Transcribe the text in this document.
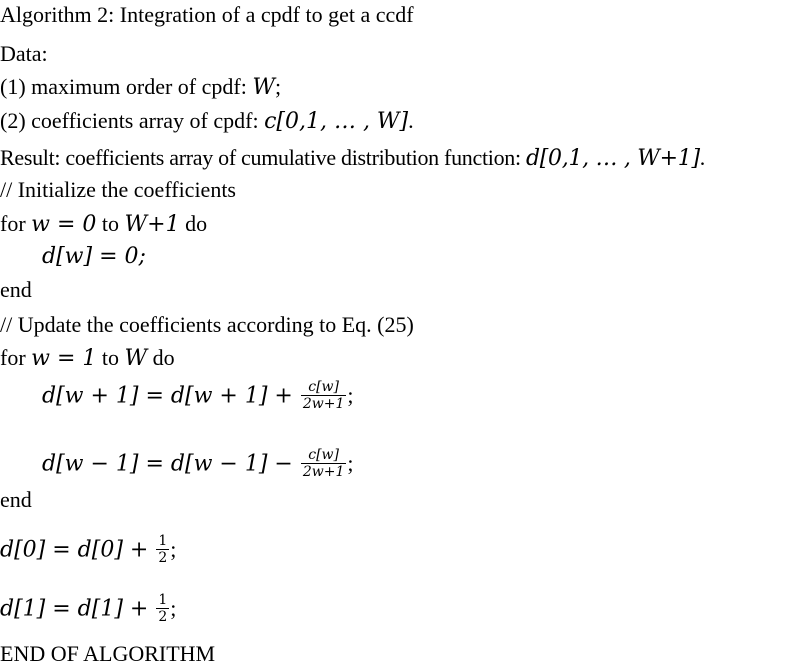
Algorithm 2: Integration of a cpdf to get a ccdf
Data:
(1) maximum order of cpdf: W;
(2) coefficients array of cpdf: c[0,1, … , W].
Result: coefficients array of cumulative distribution function: d[0,1, … , W+1].
// Initialize the coefficients
for w = 0 to W+1 do
d[w] = 0;
end
// Update the coefficients according to Eq. (25)
for w = 1 to W do
$d[w + 1] = d[w + 1] + \frac{c[w]}{2w+1}$ ;
$d[w - 1] = d[w - 1] - \frac{c[w]}{2w+1}$ ;
end
$d[0] = d[0] + \frac{1}{2}$ ;
$d[1] = d[1] + \frac{1}{2}$ ;
END OF ALGORITHM
